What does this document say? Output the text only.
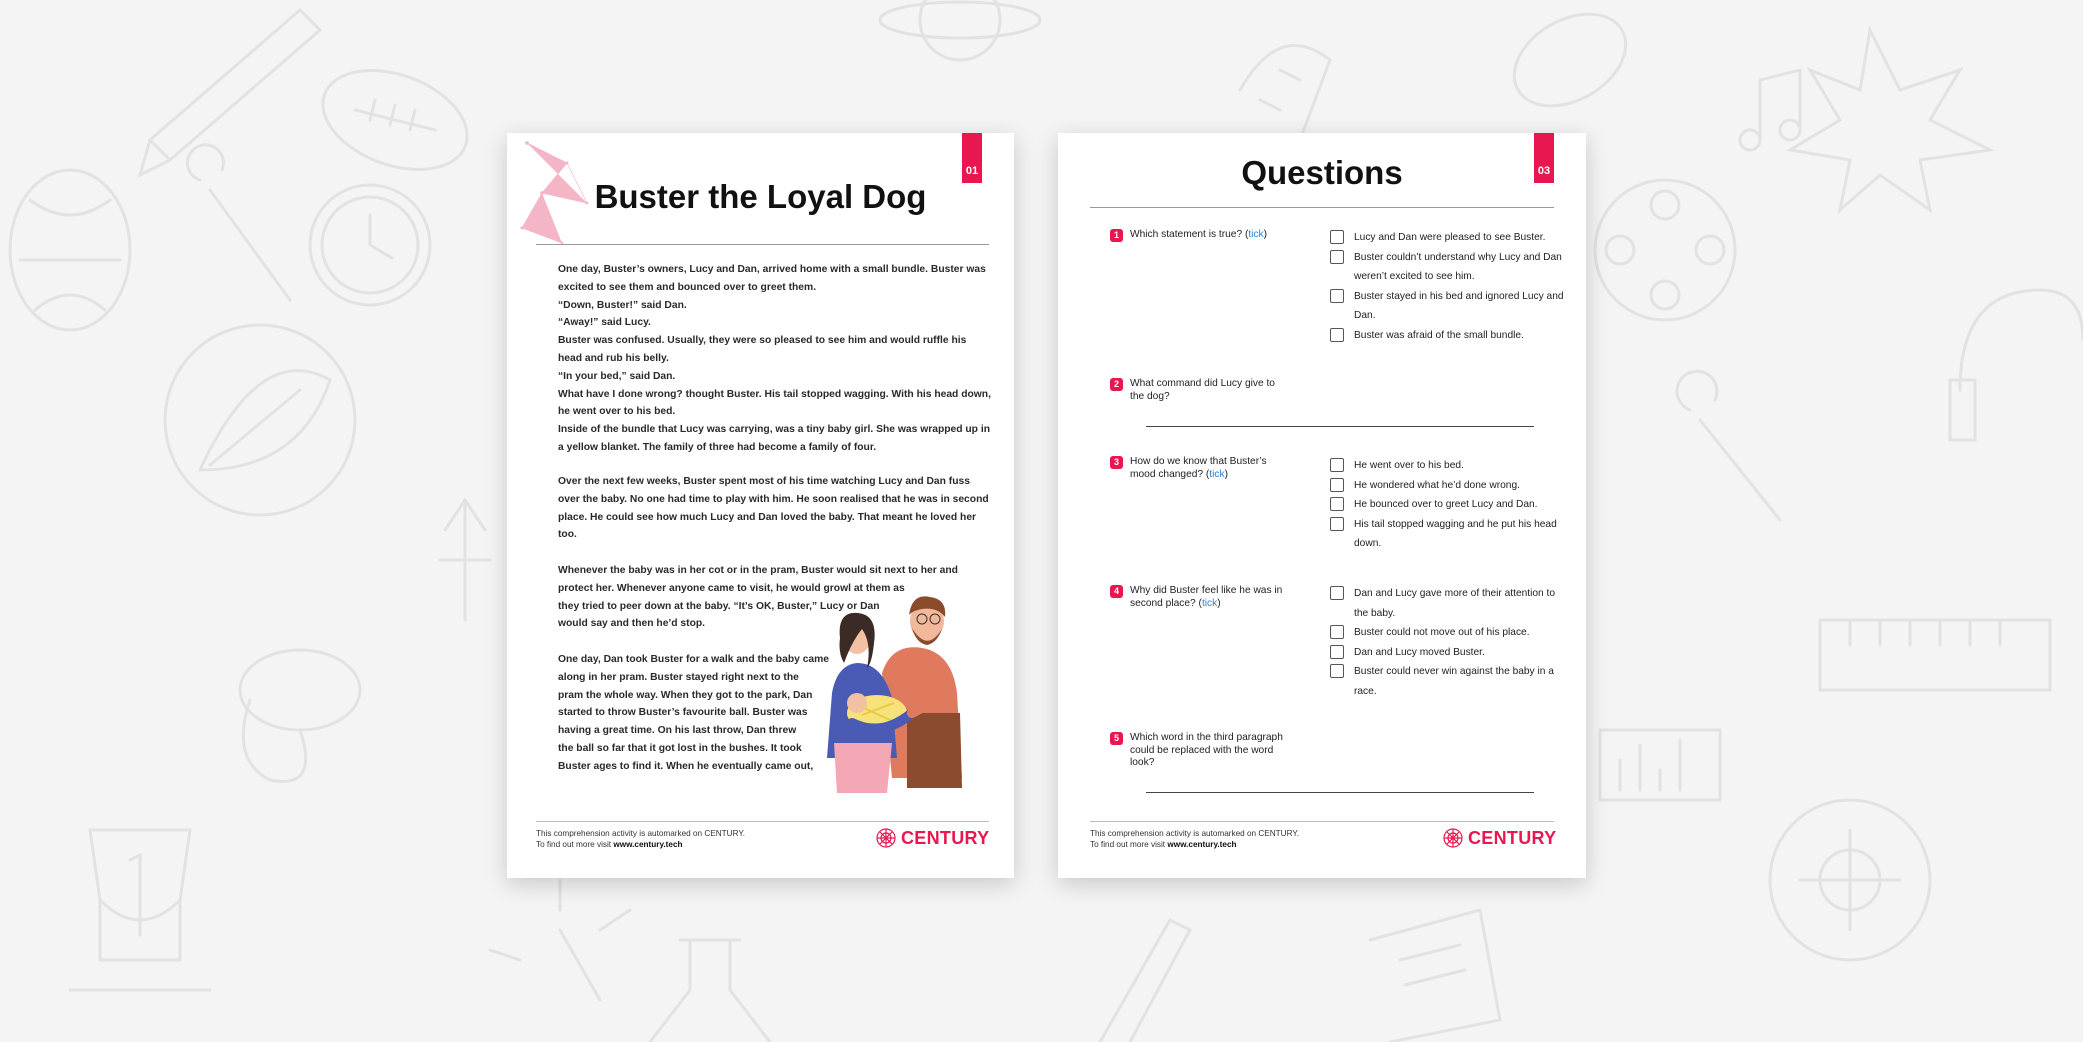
01
Buster the Loyal Dog
One day, Buster’s owners, Lucy and Dan, arrived home with a small bundle. Buster was
excited to see them and bounced over to greet them.
“Down, Buster!” said Dan.
“Away!” said Lucy.
Buster was confused. Usually, they were so pleased to see him and would ruffle his
head and rub his belly.
“In your bed,” said Dan.
What have I done wrong? thought Buster. His tail stopped wagging. With his head down,
he went over to his bed.
Inside of the bundle that Lucy was carrying, was a tiny baby girl. She was wrapped up in
a yellow blanket. The family of three had become a family of four.
Over the next few weeks, Buster spent most of his time watching Lucy and Dan fuss
over the baby. No one had time to play with him. He soon realised that he was in second
place. He could see how much Lucy and Dan loved the baby. That meant he loved her
too.
Whenever the baby was in her cot or in the pram, Buster would sit next to her and
protect her. Whenever anyone came to visit, he would growl at them as
they tried to peer down at the baby. “It’s OK, Buster,” Lucy or Dan
would say and then he’d stop.
One day, Dan took Buster for a walk and the baby came
along in her pram. Buster stayed right next to the
pram the whole way. When they got to the park, Dan
started to throw Buster’s favourite ball. Buster was
having a great time. On his last throw, Dan threw
the ball so far that it got lost in the bushes. It took
Buster ages to find it. When he eventually came out,
This comprehension activity is automarked on CENTURY.
To find out more visit www.century.tech	CENTURY
03
Questions
1	Which statement is true? (tick)	Lucy and Dan were pleased to see Buster.
Buster couldn’t understand why Lucy and Dan weren’t excited to see him.
Buster stayed in his bed and ignored Lucy and Dan.
Buster was afraid of the small bundle.
2	What command did Lucy give to the dog?
3	How do we know that Buster’s mood changed? (tick)
He went over to his bed.
He wondered what he’d done wrong.
He bounced over to greet Lucy and Dan.
His tail stopped wagging and he put his head down.
4	Why did Buster feel like he was in second place? (tick)
Dan and Lucy gave more of their attention to the baby.
Buster could not move out of his place.
Dan and Lucy moved Buster.
Buster could never win against the baby in a race.
5	Which word in the third paragraph could be replaced with the word look?
This comprehension activity is automarked on CENTURY.
To find out more visit www.century.tech	CENTURY
